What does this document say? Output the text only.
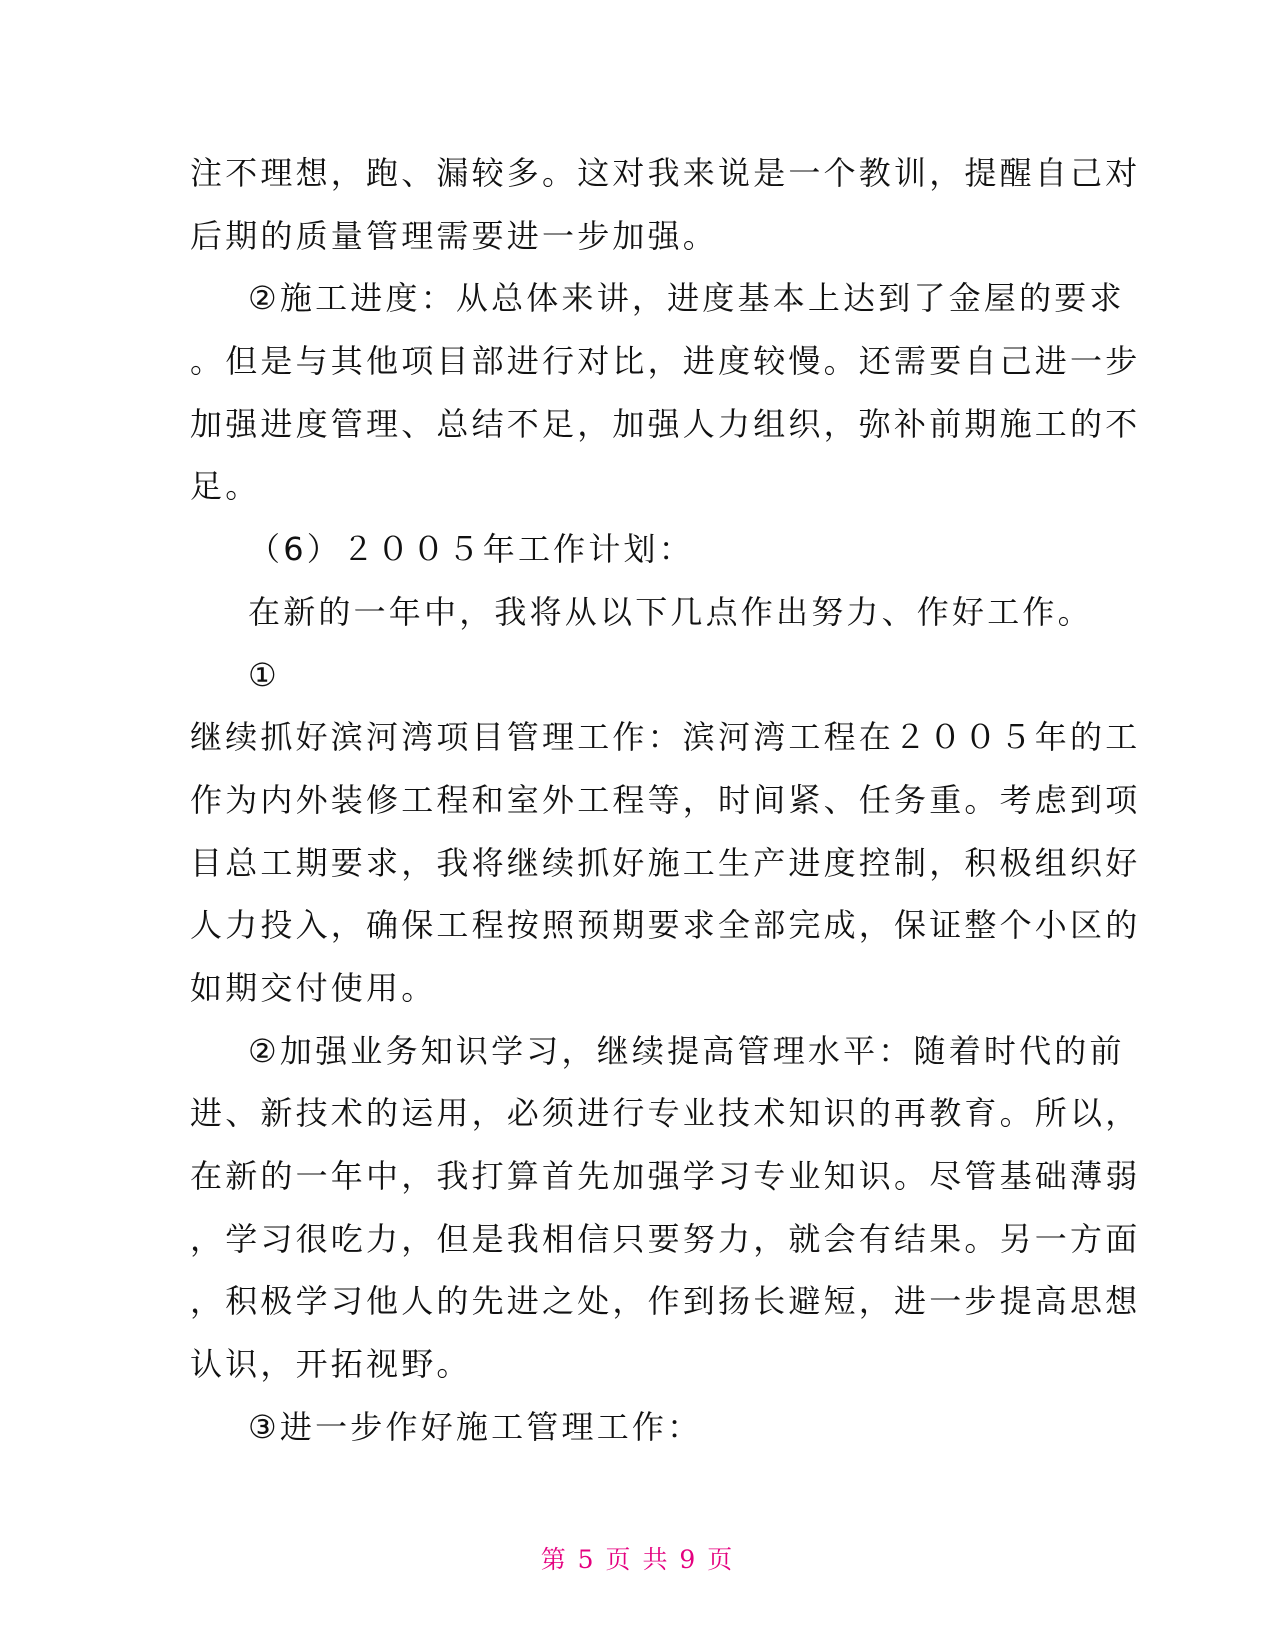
注不理想，跑、漏较多。这对我来说是一个教训，提醒自己对
后期的质量管理需要进一步加强。
②施工进度：从总体来讲，进度基本上达到了金屋的要求
。但是与其他项目部进行对比，进度较慢。还需要自己进一步
加强进度管理、总结不足，加强人力组织，弥补前期施工的不
足。
（6）２００５年工作计划：
在新的一年中，我将从以下几点作出努力、作好工作。
①
继续抓好滨河湾项目管理工作：滨河湾工程在２００５年的工
作为内外装修工程和室外工程等，时间紧、任务重。考虑到项
目总工期要求，我将继续抓好施工生产进度控制，积极组织好
人力投入，确保工程按照预期要求全部完成，保证整个小区的
如期交付使用。
②加强业务知识学习，继续提高管理水平：随着时代的前
进、新技术的运用，必须进行专业技术知识的再教育。所以，
在新的一年中，我打算首先加强学习专业知识。尽管基础薄弱
，学习很吃力，但是我相信只要努力，就会有结果。另一方面
，积极学习他人的先进之处，作到扬长避短，进一步提高思想
认识，开拓视野。
③进一步作好施工管理工作：
第 5 页 共 9 页
